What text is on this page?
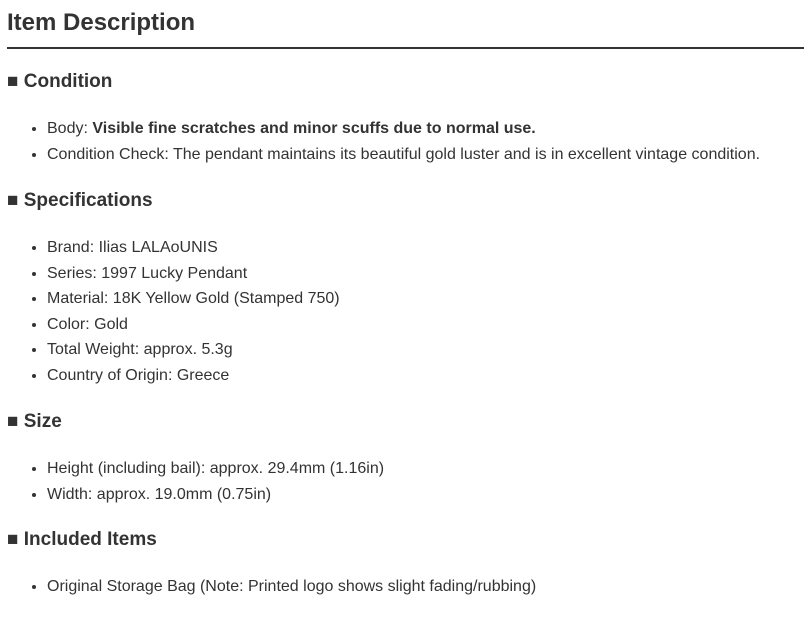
Item Description
■ Condition
• Body: Visible fine scratches and minor scuffs due to normal use.
• Condition Check: The pendant maintains its beautiful gold luster and is in excellent vintage condition.
■ Specifications
• Brand: Ilias LALAoUNIS
• Series: 1997 Lucky Pendant
• Material: 18K Yellow Gold (Stamped 750)
• Color: Gold
• Total Weight: approx. 5.3g
• Country of Origin: Greece
■ Size
• Height (including bail): approx. 29.4mm (1.16in)
• Width: approx. 19.0mm (0.75in)
■ Included Items
• Original Storage Bag (Note: Printed logo shows slight fading/rubbing)
